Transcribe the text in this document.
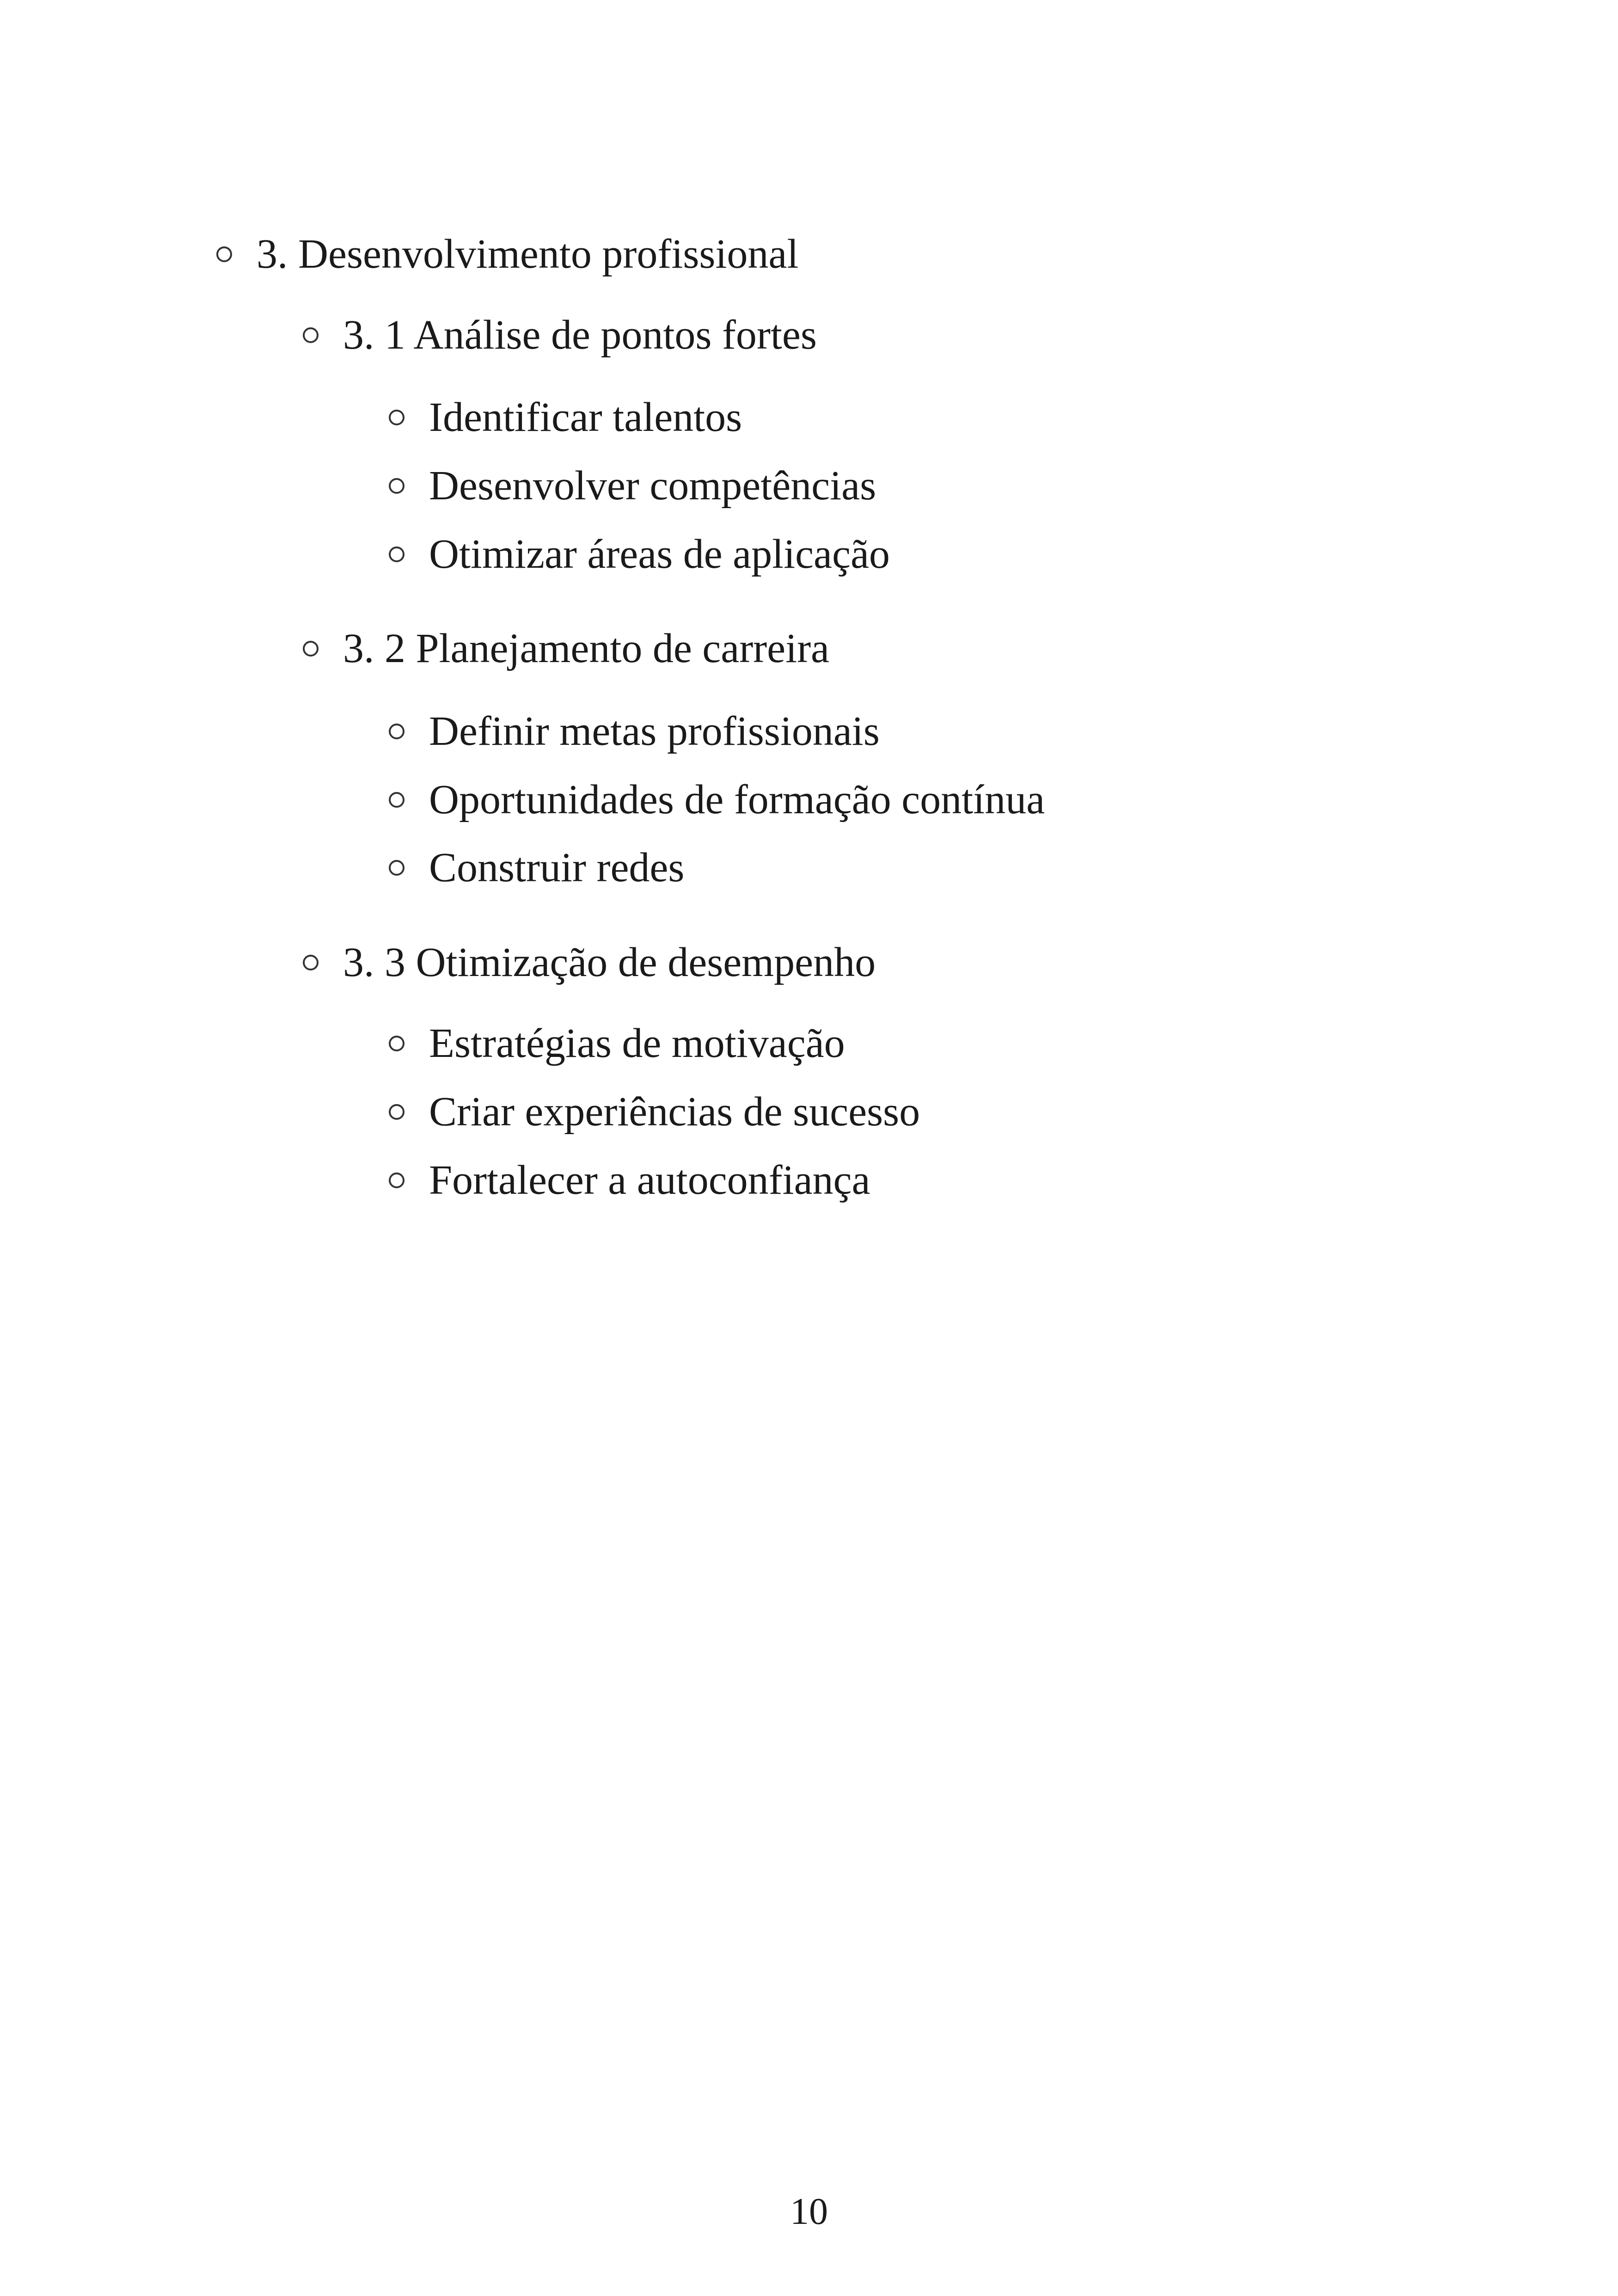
3. Desenvolvimento profissional
3. 1 Análise de pontos fortes
Identificar talentos
Desenvolver competências
Otimizar áreas de aplicação
3. 2 Planejamento de carreira
Definir metas profissionais
Oportunidades de formação contínua
Construir redes
3. 3 Otimização de desempenho
Estratégias de motivação
Criar experiências de sucesso
Fortalecer a autoconfiança
10
